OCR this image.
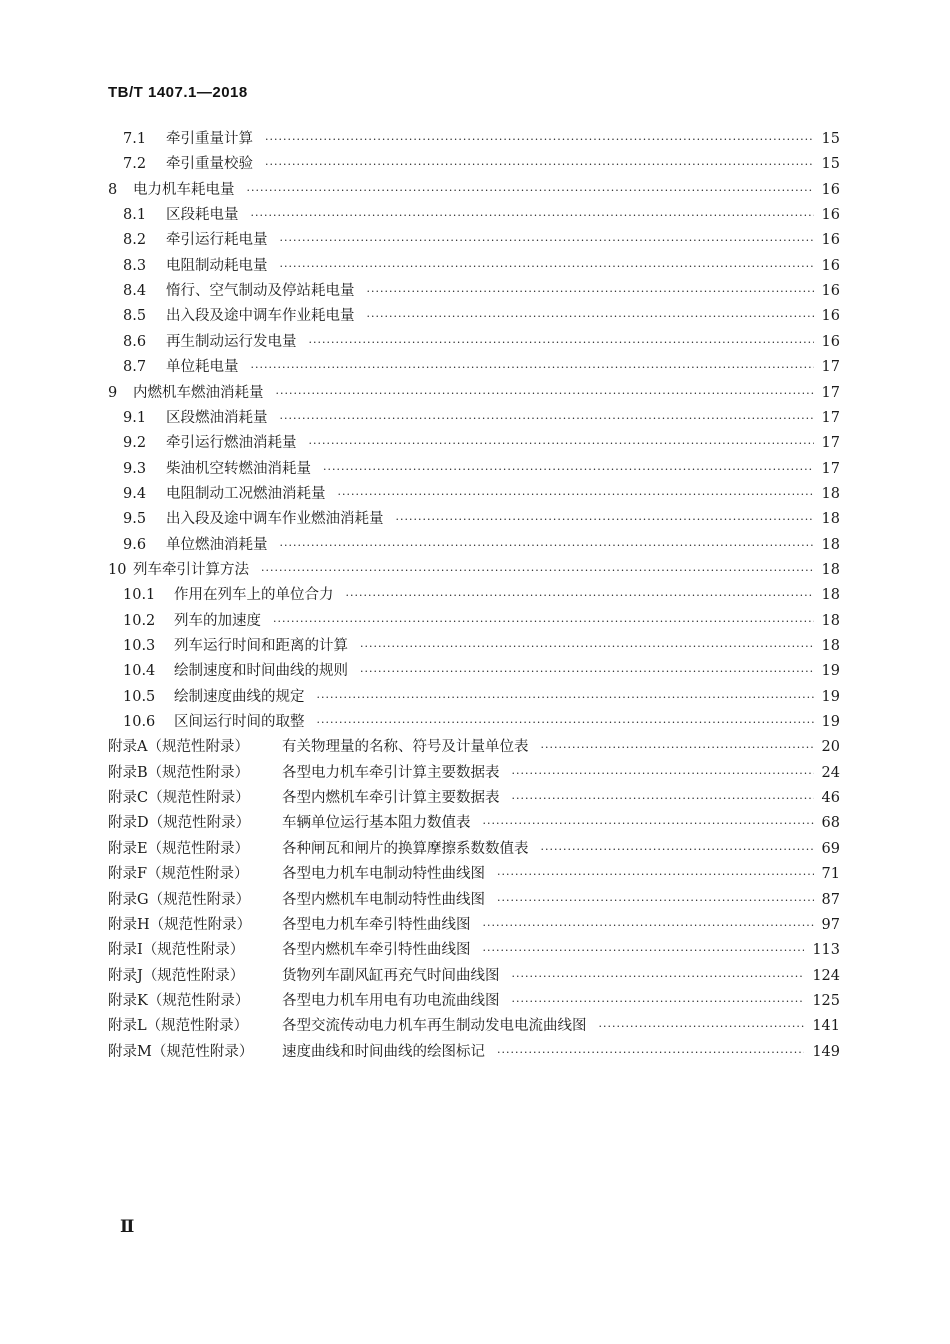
TB/T 1407.1—2018
7.1 牵引重量计算	15
·····
7.2 牵引重量校验	15
·····
8 电力机车耗电量	16
·····
8.1 区段耗电量	16
·····
8.2 牵引运行耗电量	16
·····
8.3 电阻制动耗电量	16
·····
8.4 惰行、空气制动及停站耗电量	16
·····
8.5 出入段及途中调车作业耗电量	16
·····
8.6 再生制动运行发电量	16
·····
8.7 单位耗电量	17
·····
9 内燃机车燃油消耗量	17
·····
9.1 区段燃油消耗量	17
·····
9.2 牵引运行燃油消耗量	17
·····
9.3 柴油机空转燃油消耗量	17
·····
9.4 电阻制动工况燃油消耗量	18
·····
9.5 出入段及途中调车作业燃油消耗量	18
·····
9.6 单位燃油消耗量	18
·····
10 列车牵引计算方法	18
·····
10.1 作用在列车上的单位合力	18
·····
10.2 列车的加速度	18
·····
10.3 列车运行时间和距离的计算	18
·····
10.4 绘制速度和时间曲线的规则	19
·····
10.5 绘制速度曲线的规定	19
·····
10.6 区间运行时间的取整	19
·····
附录A（规范性附录） 有关物理量的名称、符号及计量单位表	20
·····
附录B（规范性附录） 各型电力机车牵引计算主要数据表	24
·····
附录C（规范性附录） 各型内燃机车牵引计算主要数据表	46
·····
附录D（规范性附录） 车辆单位运行基本阻力数值表	68
·····
附录E（规范性附录） 各种闸瓦和闸片的换算摩擦系数数值表	69
·····
附录F（规范性附录） 各型电力机车电制动特性曲线图	71
·····
附录G（规范性附录） 各型内燃机车电制动特性曲线图	87
·····
附录H（规范性附录） 各型电力机车牵引特性曲线图	97
·····
附录I（规范性附录）	各型内燃机车牵引特性曲线图	113
·····
附录J（规范性附录）	货物列车副风缸再充气时间曲线图	124
·····
附录K（规范性附录） 各型电力机车用电有功电流曲线图	125
·····
附录L（规范性附录） 各型交流传动电力机车再生制动发电电流曲线图	141
·····
附录M（规范性附录） 速度曲线和时间曲线的绘图标记	149
·····
Ⅱ
